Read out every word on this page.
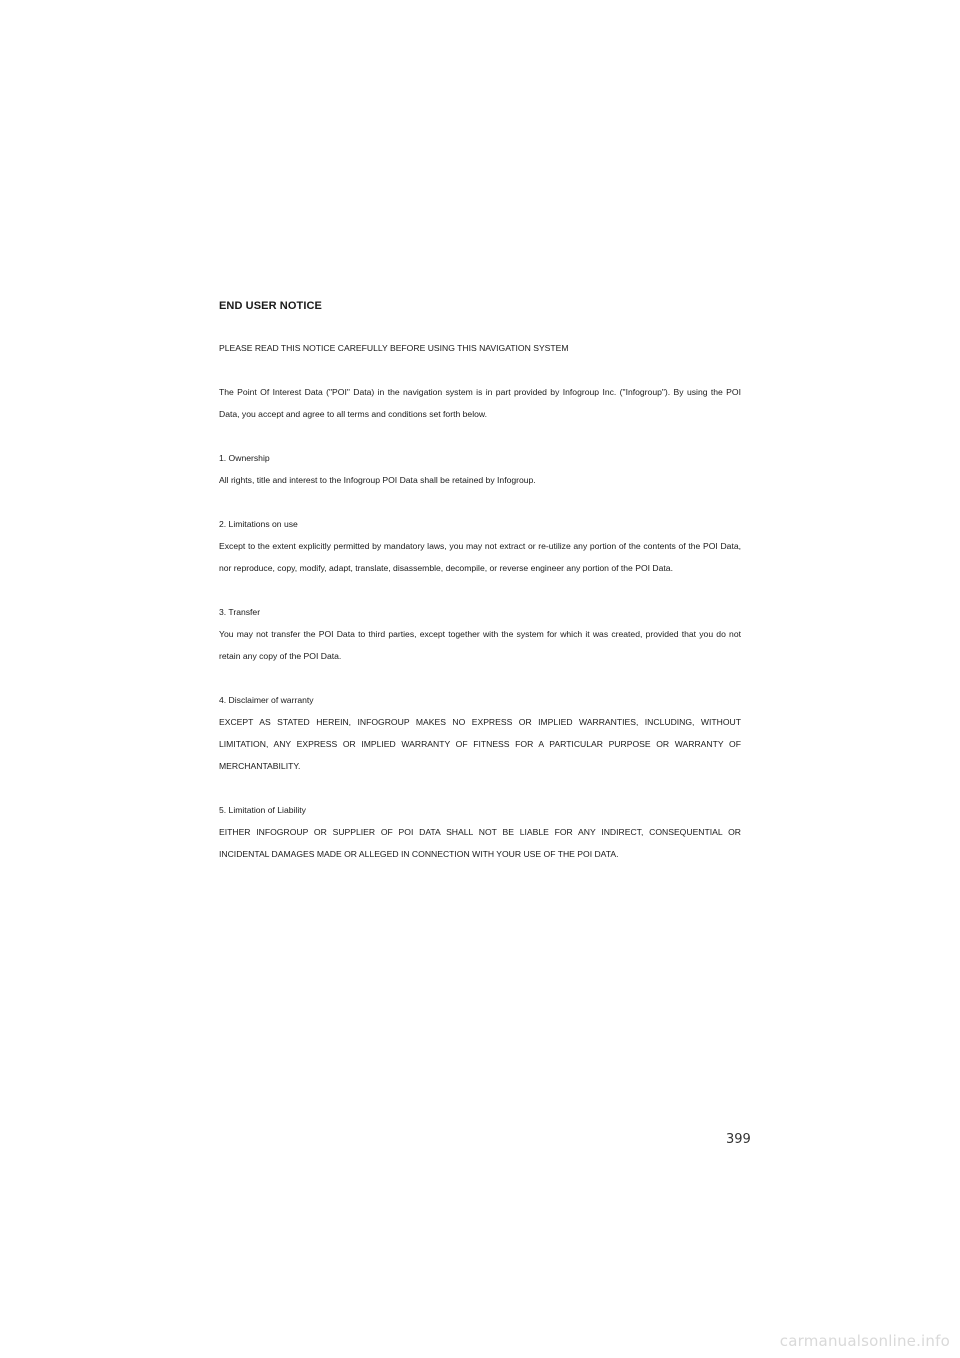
END USER NOTICE

PLEASE READ THIS NOTICE CAREFULLY BEFORE USING THIS NAVIGATION SYSTEM

The Point Of Interest Data ("POI" Data) in the navigation system is in part provided by Infogroup Inc. ("Infogroup"). By using the POI Data, you accept and agree to all terms and conditions set forth below.

1. Ownership

All rights, title and interest to the Infogroup POI Data shall be retained by Infogroup.

2. Limitations on use

Except to the extent explicitly permitted by mandatory laws, you may not extract or re-utilize any portion of the contents of the POI Data, nor reproduce, copy, modify, adapt, translate, disassemble, decompile, or reverse engineer any portion of the POI Data.

3. Transfer

You may not transfer the POI Data to third parties, except together with the system for which it was created, provided that you do not retain any copy of the POI Data.

4. Disclaimer of warranty

EXCEPT AS STATED HEREIN, INFOGROUP MAKES NO EXPRESS OR IMPLIED WARRANTIES, INCLUDING, WITHOUT LIMITATION, ANY EXPRESS OR IMPLIED WARRANTY OF FITNESS FOR A PARTICULAR PURPOSE OR WARRANTY OF MERCHANTABILITY.

5. Limitation of Liability

EITHER INFOGROUP OR SUPPLIER OF POI DATA SHALL NOT BE LIABLE FOR ANY INDIRECT, CONSEQUENTIAL OR INCIDENTAL DAMAGES MADE OR ALLEGED IN CONNECTION WITH YOUR USE OF THE POI DATA.

399
carmanualsonline.info
